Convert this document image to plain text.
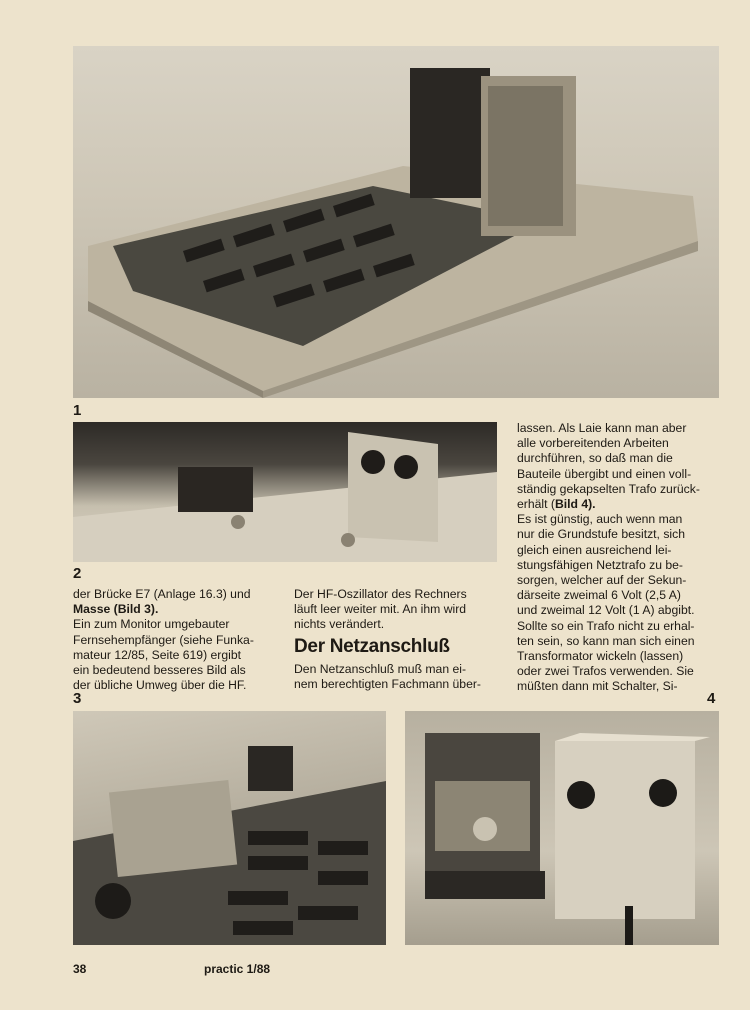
1
2

der Brücke E7 (Anlage 16.3) und

Masse (Bild 3).

Ein zum Monitor umgebauter

Fernsehempfänger (siehe Funka-

mateur 12/85, Seite 619) ergibt

ein bedeutend besseres Bild als

der übliche Umweg über die HF.

Der HF-Oszillator des Rechners

läuft leer weiter mit. An ihm wird

nichts verändert.

Der Netzanschluß

Den Netzanschluß muß man ei-

nem berechtigten Fachmann über-

lassen. Als Laie kann man aber

alle vorbereitenden Arbeiten

durchführen, so daß man die

Bauteile übergibt und einen voll-

ständig gekapselten Trafo zurück-

erhält (Bild 4).

Es ist günstig, auch wenn man

nur die Grundstufe besitzt, sich

gleich einen ausreichend lei-

stungsfähigen Netztrafo zu be-

sorgen, welcher auf der Sekun-

därseite zweimal 6 Volt (2,5 A)

und zweimal 12 Volt (1 A) abgibt.

Sollte so ein Trafo nicht zu erhal-

ten sein, so kann man sich einen

Transformator wickeln (lassen)

oder zwei Trafos verwenden. Sie

müßten dann mit Schalter, Si-

3	4
38	practic 1/88
